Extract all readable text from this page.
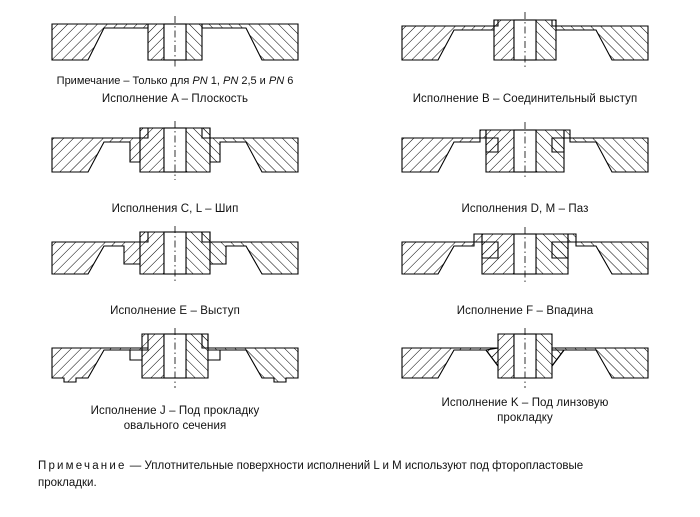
Примечание – Только для PN 1, PN 2,5 и PN 6
Исполнение A – Плоскость	Исполнение B – Соединительный выступ
Исполнения C, L – Шип	Исполнения D, M – Паз
Исполнение E – Выступ	Исполнение F – Впадина
Исполнение J – Под прокладку
овального сечения
Исполнение K – Под линзовую
прокладку
Примечание — Уплотнительные поверхности исполнений L и M используют под фторопластовые
прокладки.
